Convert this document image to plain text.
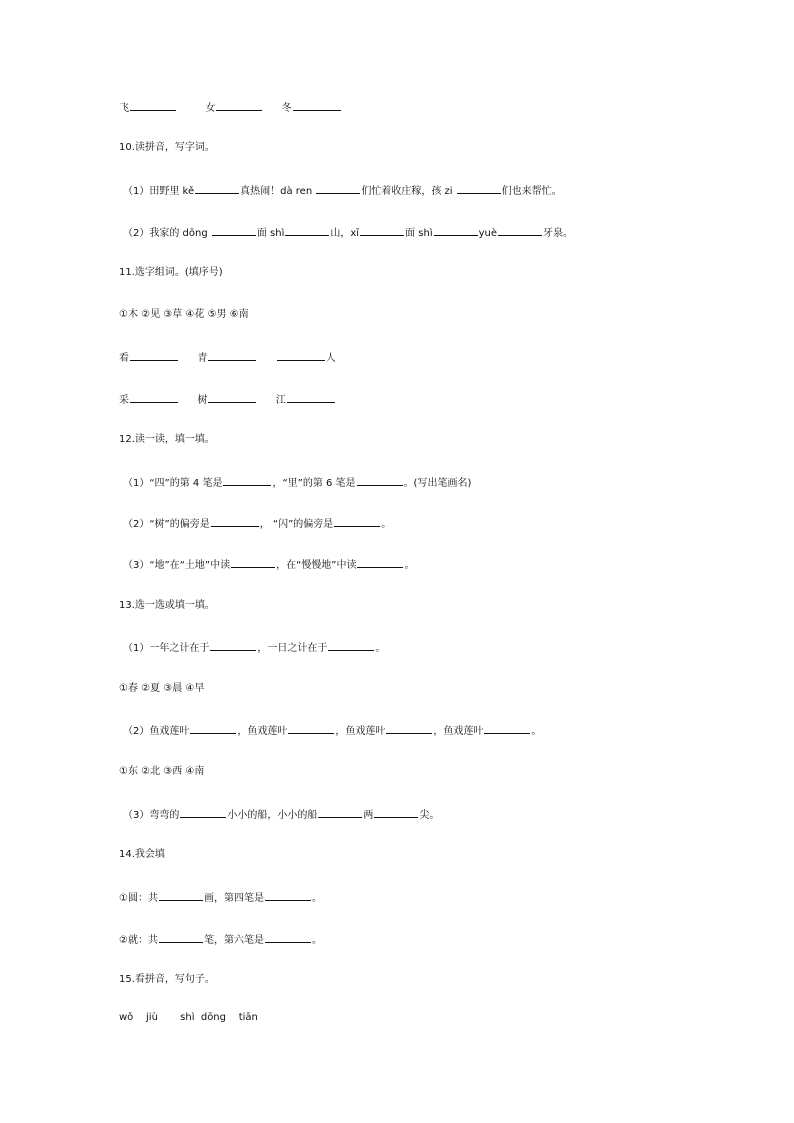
飞	女	冬
10.读拼音，写字词。
（1）田野里 kě	真热闹！dà ren	们忙着收庄稼，孩 zi	们也来帮忙。
（2）我家的 dōng	面 shì	山，xī	面 shì	yuè	牙泉。
11.选字组词。(填序号)
①木 ②见 ③草 ④花 ⑤男 ⑥南
看	青	人
采	树	江
12.读一读，填一填。
（1）“四”的第 4 笔是	，“里”的第 6 笔是	。(写出笔画名)
（2）“树”的偏旁是	， “闪”的偏旁是	。
（3）“地”在“土地”中读	，在“慢慢地”中读	。
13.选一选或填一填。
（1）一年之计在于	，一日之计在于	。
①春 ②夏 ③晨 ④早
（2）鱼戏莲叶	，鱼戏莲叶	，鱼戏莲叶	，鱼戏莲叶	。
①东 ②北 ③西 ④南
（3）弯弯的	小小的船，小小的船	两	尖。
14.我会填
①圆：共	画，第四笔是	。
②就：共	笔，第六笔是	。
15.看拼音，写句子。
wǒ    jiù       shì  dōng    tiān
